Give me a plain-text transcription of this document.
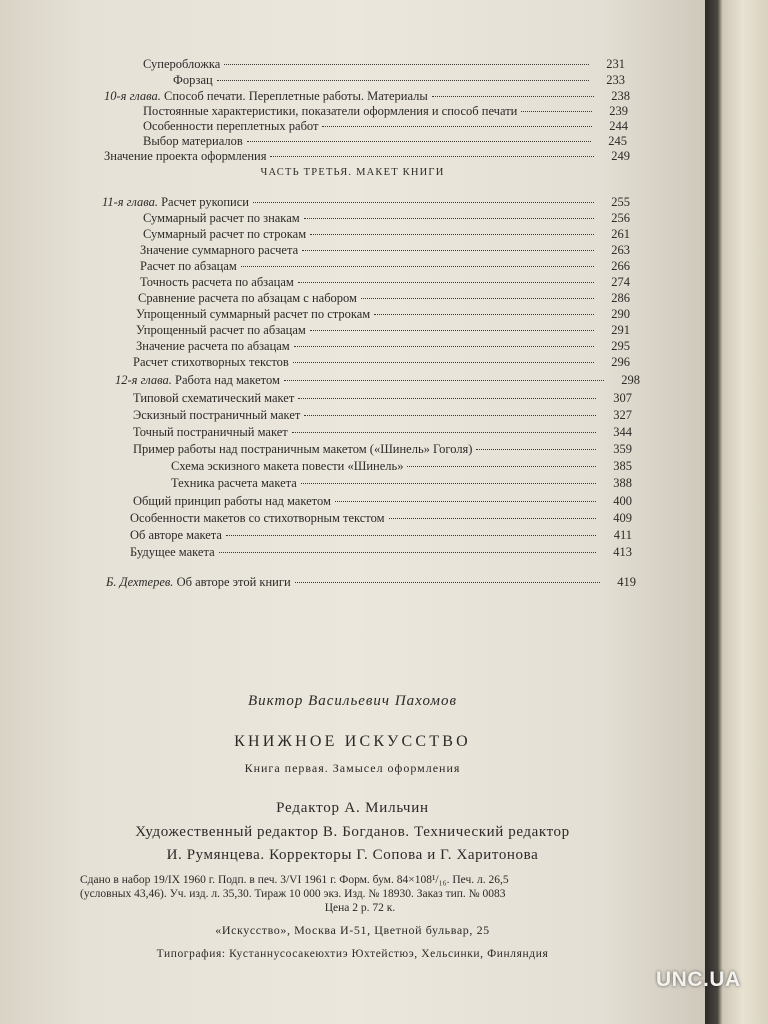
Суперобложка	231
Форзац	233
10-я глава. Способ печати. Переплетные работы. Материалы	238
Постоянные характеристики, показатели оформления и способ печати	239
Особенности переплетных работ	244
Выбор материалов	245
Значение проекта оформления	249
11-я глава. Расчет рукописи	255
Суммарный расчет по знакам	256
Суммарный расчет по строкам	261
Значение суммарного расчета	263
Расчет по абзацам	266
Точность расчета по абзацам	274
Сравнение расчета по абзацам с набором	286
Упрощенный суммарный расчет по строкам	290
Упрощенный расчет по абзацам	291
Значение расчета по абзацам	295
Расчет стихотворных текстов	296
12-я глава. Работа над макетом	298
Типовой схематический макет	307
Эскизный постраничный макет	327
Точный постраничный макет	344
Пример работы над постраничным макетом («Шинель» Гоголя)	359
Схема эскизного макета повести «Шинель»	385
Техника расчета макета	388
Общий принцип работы над макетом	400
Особенности макетов со стихотворным текстом	409
Об авторе макета	411
Будущее макета	413
Б. Дехтерев. Об авторе этой книги	419
ЧАСТЬ ТРЕТЬЯ. МАКЕТ КНИГИ
Виктор Васильевич Пахомов
КНИЖНОЕ ИСКУССТВО
Книга первая. Замысел оформления
Редактор А. Мильчин
Художественный редактор В. Богданов. Технический редактор
И. Румянцева. Корректоры Г. Сопова и Г. Харитонова
Сдано в набор 19/IX 1960 г. Подп. в печ. 3/VI 1961 г. Форм. бум. 84×108¹/₁₆. Печ. л. 26,5
(условных 43,46). Уч. изд. л. 35,30. Тираж 10 000 экз. Изд. № 18930. Заказ тип. № 0083
Цена 2 р. 72 к.
«Искусство», Москва И-51, Цветной бульвар, 25
Типография: Кустаннусосакеюхтиэ Юхтейстюэ, Хельсинки, Финляндия
UNC.UA
